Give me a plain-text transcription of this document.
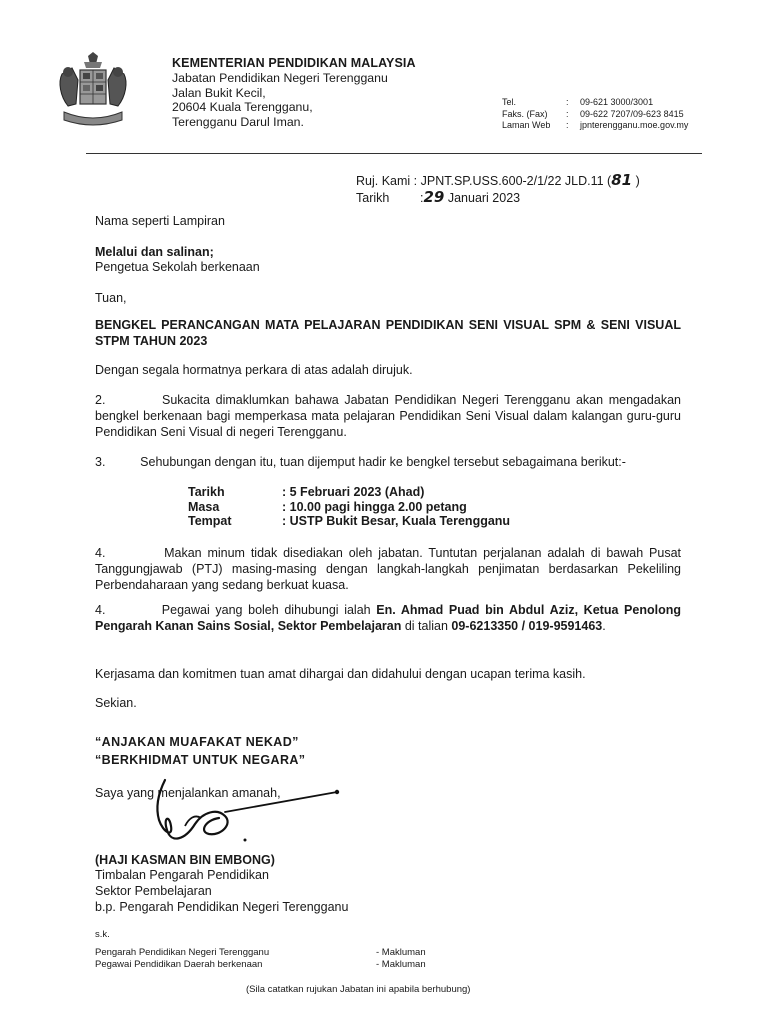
KEMENTERIAN PENDIDIKAN MALAYSIA
Jabatan Pendidikan Negeri Terengganu
Jalan Bukit Kecil,
20604 Kuala Terengganu,
Terengganu Darul Iman.
Tel.	:	09-621 3000/3001
Faks. (Fax)	:	09-622 7207/09-623 8415
Laman Web	:	jpnterengganu.moe.gov.my
Ruj. Kami : JPNT.SP.USS.600-2/1/22 JLD.11 (81 )
Tarikh :29 Januari 2023
Nama seperti Lampiran
Melalui dan salinan;
Pengetua Sekolah berkenaan
Tuan,
BENGKEL PERANCANGAN MATA PELAJARAN PENDIDIKAN SENI VISUAL SPM & SENI VISUAL STPM TAHUN 2023
Dengan segala hormatnya perkara di atas adalah dirujuk.
2.          Sukacita dimaklumkan bahawa Jabatan Pendidikan Negeri Terengganu akan mengadakan bengkel berkenaan bagi memperkasa mata pelajaran Pendidikan Seni Visual dalam kalangan guru-guru Pendidikan Seni Visual di negeri Terengganu.
3.          Sehubungan dengan itu, tuan dijemput hadir ke bengkel tersebut sebagaimana berikut:-
Tarikh	: 5 Februari 2023 (Ahad)
Masa	: 10.00 pagi hingga 2.00 petang
Tempat	: USTP Bukit Besar, Kuala Terengganu
4.          Makan minum tidak disediakan oleh jabatan. Tuntutan perjalanan adalah di bawah Pusat Tanggungjawab (PTJ) masing-masing dengan langkah-langkah penjimatan berdasarkan Pekeliling Perbendaharaan yang sedang berkuat kuasa.
4.          Pegawai yang boleh dihubungi ialah En. Ahmad Puad bin Abdul Aziz, Ketua Penolong Pengarah Kanan Sains Sosial, Sektor Pembelajaran di talian 09-6213350 / 019-9591463.
Kerjasama dan komitmen tuan amat dihargai dan didahului dengan ucapan terima kasih.
Sekian.
“ANJAKAN MUAFAKAT NEKAD”
“BERKHIDMAT UNTUK NEGARA”
Saya yang menjalankan amanah,
(HAJI KASMAN BIN EMBONG)
Timbalan Pengarah Pendidikan
Sektor Pembelajaran
b.p. Pengarah Pendidikan Negeri Terengganu
s.k.
Pengarah Pendidikan Negeri Terengganu	- Makluman
Pegawai Pendidikan Daerah berkenaan	- Makluman
(Sila catatkan rujukan Jabatan ini apabila berhubung)
